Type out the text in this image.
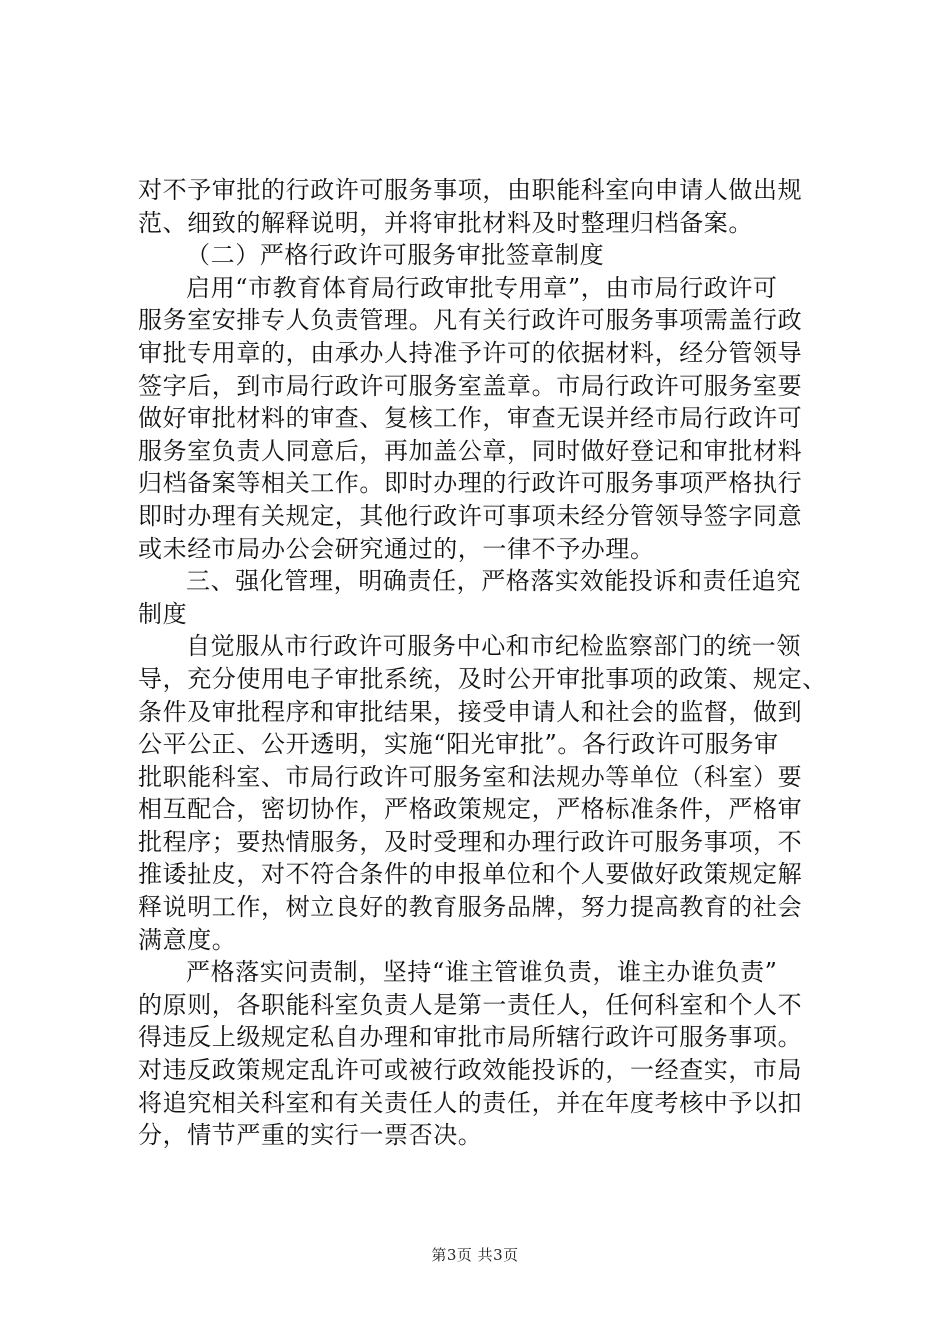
对不予审批的行政许可服务事项，由职能科室向申请人做出规
范、细致的解释说明，并将审批材料及时整理归档备案。
（二）严格行政许可服务审批签章制度
启用“市教育体育局行政审批专用章”，由市局行政许可
服务室安排专人负责管理。凡有关行政许可服务事项需盖行政
审批专用章的，由承办人持准予许可的依据材料，经分管领导
签字后，到市局行政许可服务室盖章。市局行政许可服务室要
做好审批材料的审查、复核工作，审查无误并经市局行政许可
服务室负责人同意后，再加盖公章，同时做好登记和审批材料
归档备案等相关工作。即时办理的行政许可服务事项严格执行
即时办理有关规定，其他行政许可事项未经分管领导签字同意
或未经市局办公会研究通过的，一律不予办理。
三、强化管理，明确责任，严格落实效能投诉和责任追究
制度
自觉服从市行政许可服务中心和市纪检监察部门的统一领
导，充分使用电子审批系统，及时公开审批事项的政策、规定、
条件及审批程序和审批结果，接受申请人和社会的监督，做到
公平公正、公开透明，实施“阳光审批”。各行政许可服务审
批职能科室、市局行政许可服务室和法规办等单位（科室）要
相互配合，密切协作，严格政策规定，严格标准条件，严格审
批程序；要热情服务，及时受理和办理行政许可服务事项，不
推诿扯皮，对不符合条件的申报单位和个人要做好政策规定解
释说明工作，树立良好的教育服务品牌，努力提高教育的社会
满意度。
严格落实问责制，坚持“谁主管谁负责，谁主办谁负责”
的原则，各职能科室负责人是第一责任人，任何科室和个人不
得违反上级规定私自办理和审批市局所辖行政许可服务事项。
对违反政策规定乱许可或被行政效能投诉的，一经查实，市局
将追究相关科室和有关责任人的责任，并在年度考核中予以扣
分，情节严重的实行一票否决。
第3页 共3页
